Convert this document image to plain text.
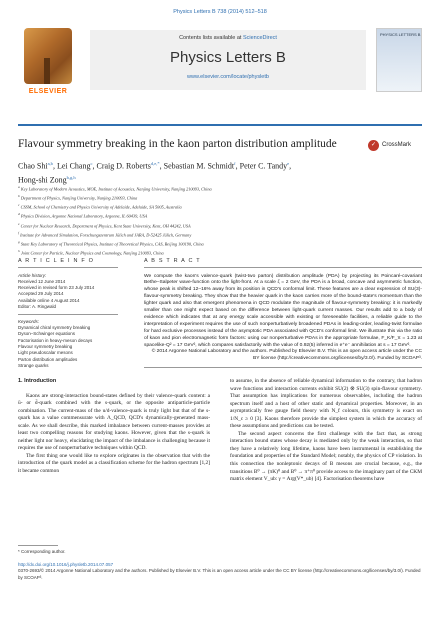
Physics Letters B 738 (2014) 512–518
ELSEVIER
Contents lists available at ScienceDirect
Physics Letters B
www.elsevier.com/locate/physletb
PHYSICS LETTERS B
Flavour symmetry breaking in the kaon parton distribution amplitude	✓ CrossMark
Chao Shi$^{a,b}$, Lei Chang$^c$, Craig D. Roberts$^{d,e,*}$, Sebastian M. Schmidt$^f$, Peter C. Tandy$^e$,
Hong-shi Zong$^{b,g,h}$
$^a$ Key Laboratory of Modern Acoustics, MOE, Institute of Acoustics, Nanjing University, Nanjing 210093, China
$^b$ Department of Physics, Nanjing University, Nanjing 210093, China
$^c$ CSSM, School of Chemistry and Physics University of Adelaide, Adelaide, SA 5005, Australia
$^d$ Physics Division, Argonne National Laboratory, Argonne, IL 60439, USA
$^e$ Center for Nuclear Research, Department of Physics, Kent State University, Kent, OH 44242, USA
$^f$ Institute for Advanced Simulation, Forschungszentrum Jülich and JARA, D-52425 Jülich, Germany
$^g$ State Key Laboratory of Theoretical Physics, Institute of Theoretical Physics, CAS, Beijing 100190, China
$^h$ Joint Center for Particle, Nuclear Physics and Cosmology, Nanjing 210093, China
A R T I C L E I N F O

Article history:

Received 12 June 2014

Received in revised form 23 July 2014

Accepted 29 July 2014

Available online 4 August 2014

Editor: A. Ringwald

Keywords:

Dynamical chiral symmetry breaking

Dyson–Schwinger equations

Factorisation in heavy-meson decays

Flavour symmetry breaking

Light pseudoscalar mesons

Parton distribution amplitudes

Strange quarks

A B S T R A C T
We compute the kaon's valence-quark (twist-two parton) distribution amplitude (PDA) by projecting its Poincaré-covariant Bethe–Salpeter wave-function onto the light-front. At a scale ζ = 2 GeV, the PDA is a broad, concave and asymmetric function, whose peak is shifted 12–16% away from its position in QCD's conformal limit. These features are a clear expression of SU(3)-flavour-symmetry breaking. They show that the heavier quark in the kaon carries more of the bound-state's momentum than the lighter quark and also that emergent phenomena in QCD modulate the magnitude of flavour-symmetry breaking: it is markedly smaller than one might expect based on the difference between light-quark current masses. Our results add to a body of evidence which indicates that at any energy scale accessible with existing or foreseeable facilities, a reliable guide to the interpretation of experiment requires the use of such nonperturbatively broadened PDAs in leading-order, leading-twist formulae for hard exclusive processes instead of the asymptotic PDA associated with QCD's conformal limit. We illustrate this via the ratio of kaon and pion electromagnetic form factors: using our nonperturbative PDAs in the appropriate formulae, F_K/F_π = 1.23 at spacelike-Q² = 17 GeV², which compares satisfactorily with the value of 0.92(5) inferred in e⁺e⁻ annihilation at s = 17 GeV².
© 2014 Argonne National Laboratory and the authors. Published by Elsevier B.V. This is an open access article under the CC BY license (http://creativecommons.org/licenses/by/3.0/). Funded by SCOAP³.
1. Introduction

Kaons are strong-interaction bound-states defined by their valence-quark content: a ū- or d̄-quark combined with the s-quark, or the opposite antiparticle-particle combination. The current-mass of the u/d-valence-quark is truly light but that of the s-quark has a value commensurate with Λ_QCD, QCD's dynamically-generated mass-scale. As we shall describe, this marked imbalance between current-masses provides at least two compelling reasons for studying kaons. However, given that the s-quark is neither light nor heavy, elucidating the impact of the imbalance is challenging because it requires the use of nonperturbative techniques within QCD.

The first thing one would like to explore originates in the observation that with the introduction of the quark model as a classification scheme for the hadron spectrum [1,2] it became common

to assume, in the absence of reliable dynamical information to the contrary, that hadron wave functions and interaction currents exhibit SU(2) ⊗ SU(3) spin-flavour symmetry. That assumption has implications for numerous observables, including the hadron spectrum itself and a host of other static and dynamical properties. Moreover, in an asymptotically free gauge field theory with N_f colours, this symmetry is exact on 1/N_c ≥ 0 [3]. Kaons therefore provide the simplest system in which the accuracy of these assumptions and predictions can be tested.

The second aspect concerns the first challenge with the fact that, as strong interaction bound states whose decay is mediated only by the weak interaction, so that they have a relatively long lifetime, kaons have been instrumental in establishing the foundation and properties of the Standard Model; notably, the physics of CP violation. In this connection the nonleptonic decays of B mesons are crucial because, e.g., the transitions B⁰ → (πK)⁰ and B⁰ → π⁺π⁰ provide access to the imaginary part of the CKM matrix element V_ub: γ = Arg(V*_ub) [4]. Factorisation theorems have

* Corresponding author.
http://dx.doi.org/10.1016/j.physletb.2014.07.057
0370-2693/© 2014 Argonne National Laboratory and the authors. Published by Elsevier B.V. This is an open access article under the CC BY license (http://creativecommons.org/licenses/by/3.0/). Funded by SCOAP³.
